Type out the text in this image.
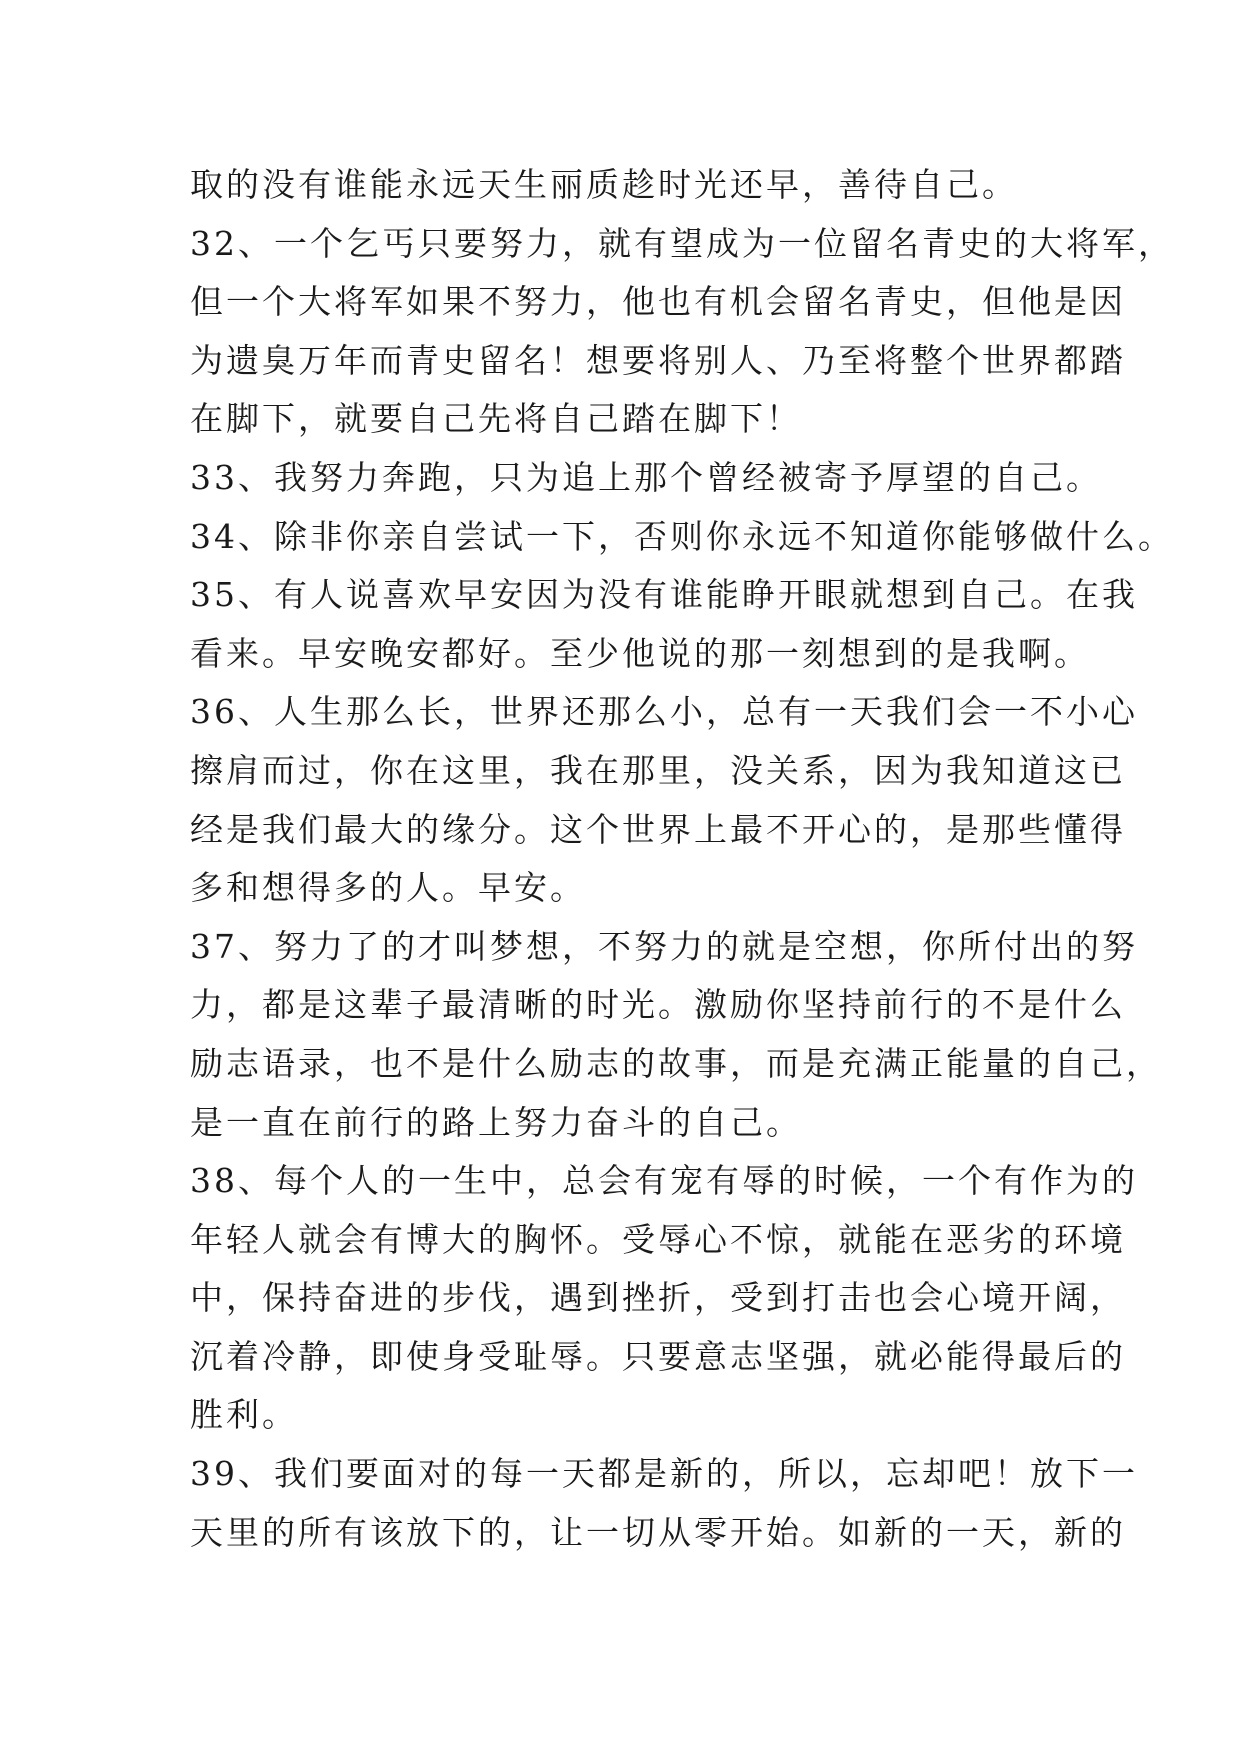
取的没有谁能永远天生丽质趁时光还早，善待自己。
32、一个乞丐只要努力，就有望成为一位留名青史的大将军，
但一个大将军如果不努力，他也有机会留名青史，但他是因
为遗臭万年而青史留名！想要将别人、乃至将整个世界都踏
在脚下，就要自己先将自己踏在脚下！
33、我努力奔跑，只为追上那个曾经被寄予厚望的自己。
34、除非你亲自尝试一下，否则你永远不知道你能够做什么。
35、有人说喜欢早安因为没有谁能睁开眼就想到自己。在我
看来。早安晚安都好。至少他说的那一刻想到的是我啊。
36、人生那么长，世界还那么小，总有一天我们会一不小心
擦肩而过，你在这里，我在那里，没关系，因为我知道这已
经是我们最大的缘分。这个世界上最不开心的，是那些懂得
多和想得多的人。早安。
37、努力了的才叫梦想，不努力的就是空想，你所付出的努
力，都是这辈子最清晰的时光。激励你坚持前行的不是什么
励志语录，也不是什么励志的故事，而是充满正能量的自己，
是一直在前行的路上努力奋斗的自己。
38、每个人的一生中，总会有宠有辱的时候，一个有作为的
年轻人就会有博大的胸怀。受辱心不惊，就能在恶劣的环境
中，保持奋进的步伐，遇到挫折，受到打击也会心境开阔，
沉着冷静，即使身受耻辱。只要意志坚强，就必能得最后的
胜利。
39、我们要面对的每一天都是新的，所以，忘却吧！放下一
天里的所有该放下的，让一切从零开始。如新的一天，新的
